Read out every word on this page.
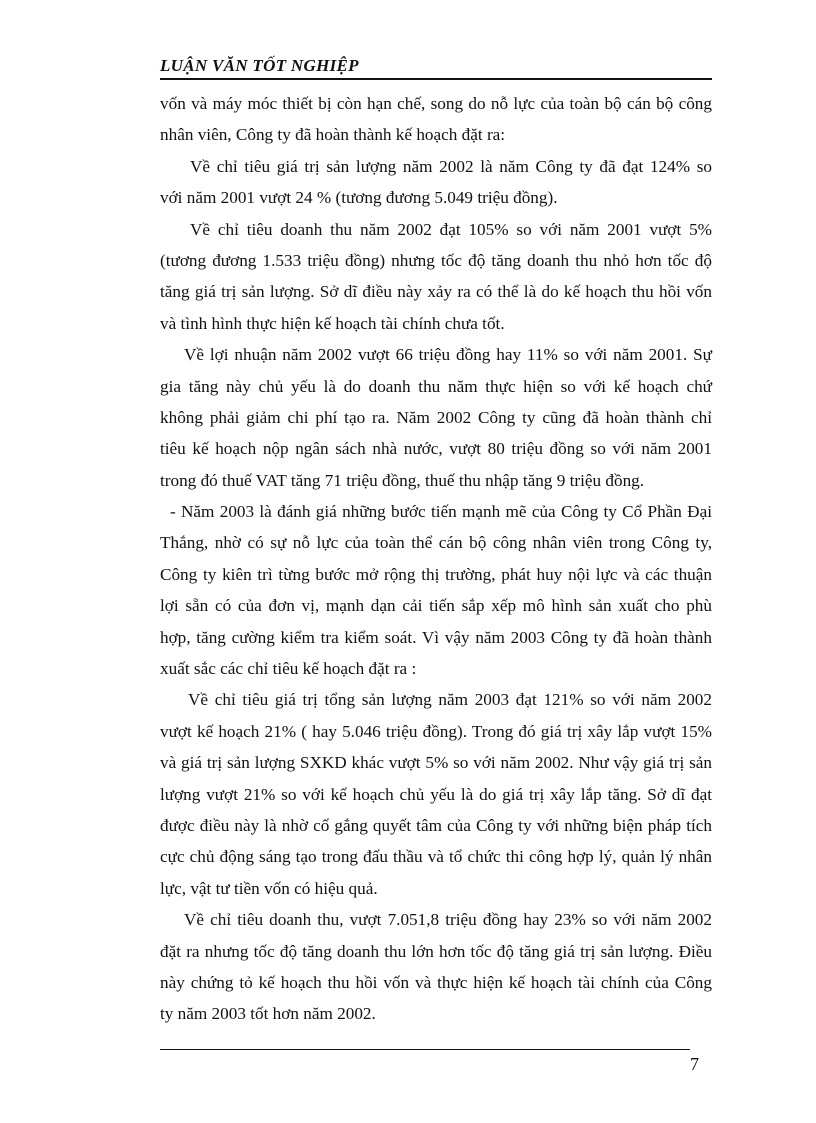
LUẬN VĂN TỐT NGHIỆP
vốn và máy móc thiết bị còn hạn chế, song do nỗ lực của toàn bộ cán bộ công
nhân viên, Công ty đã hoàn thành kế hoạch đặt ra:
Về chỉ tiêu giá trị sản lượng năm 2002 là năm Công ty đã đạt 124% so
với năm 2001 vượt 24 % (tương đương 5.049 triệu đồng).
Về chỉ tiêu doanh thu năm 2002 đạt 105% so với năm 2001 vượt 5%
(tương đương 1.533 triệu đồng) nhưng tốc độ tăng doanh thu nhỏ hơn tốc độ
tăng giá trị sản lượng. Sở dĩ điều này xảy ra có thể là do kế hoạch thu hồi vốn
và tình hình thực hiện kế hoạch tài chính chưa tốt.
Về lợi nhuận năm 2002 vượt 66 triệu đồng hay 11% so với năm 2001. Sự
gia tăng này chủ yếu là do doanh thu năm thực hiện so với kế hoạch chứ
không phải giảm chi phí tạo ra. Năm 2002 Công ty cũng đã hoàn thành chỉ
tiêu kế hoạch nộp ngân sách nhà nước, vượt 80 triệu đồng so với năm 2001
trong đó thuế VAT tăng 71 triệu đồng, thuế thu nhập tăng 9 triệu đồng.
- Năm 2003 là đánh giá những bước tiến mạnh mẽ của Công ty Cổ Phần Đại
Thắng, nhờ có sự nỗ lực của toàn thể cán bộ công nhân viên trong Công ty,
Công ty kiên trì từng bước mở rộng thị trường, phát huy nội lực và các thuận
lợi sẵn có của đơn vị, mạnh dạn cải tiến sắp xếp mô hình sản xuất cho phù
hợp, tăng cường kiểm tra kiểm soát. Vì vậy năm 2003 Công ty đã hoàn thành
xuất sắc các chỉ tiêu kế hoạch đặt ra :
Về chỉ tiêu giá trị tổng sản lượng năm 2003 đạt 121% so với năm 2002
vượt kế hoạch 21% ( hay 5.046 triệu đồng). Trong đó giá trị xây lắp vượt 15%
và giá trị sản lượng SXKD khác vượt 5% so với năm 2002. Như vậy giá trị sản
lượng vượt 21% so với kế hoạch chủ yếu là do giá trị xây lắp tăng. Sở dĩ đạt
được điều này là nhờ cố gắng quyết tâm của Công ty với những biện pháp tích
cực chủ động sáng tạo trong đấu thầu và tổ chức thi công hợp lý, quản lý nhân
lực, vật tư tiền vốn có hiệu quả.
Về chỉ tiêu doanh thu, vượt 7.051,8 triệu đồng hay 23% so với năm 2002
đặt ra nhưng tốc độ tăng doanh thu lớn hơn tốc độ tăng giá trị sản lượng. Điều
này chứng tỏ kế hoạch thu hồi vốn và thực hiện kế hoạch tài chính của Công
ty năm 2003 tốt hơn năm 2002.
7
